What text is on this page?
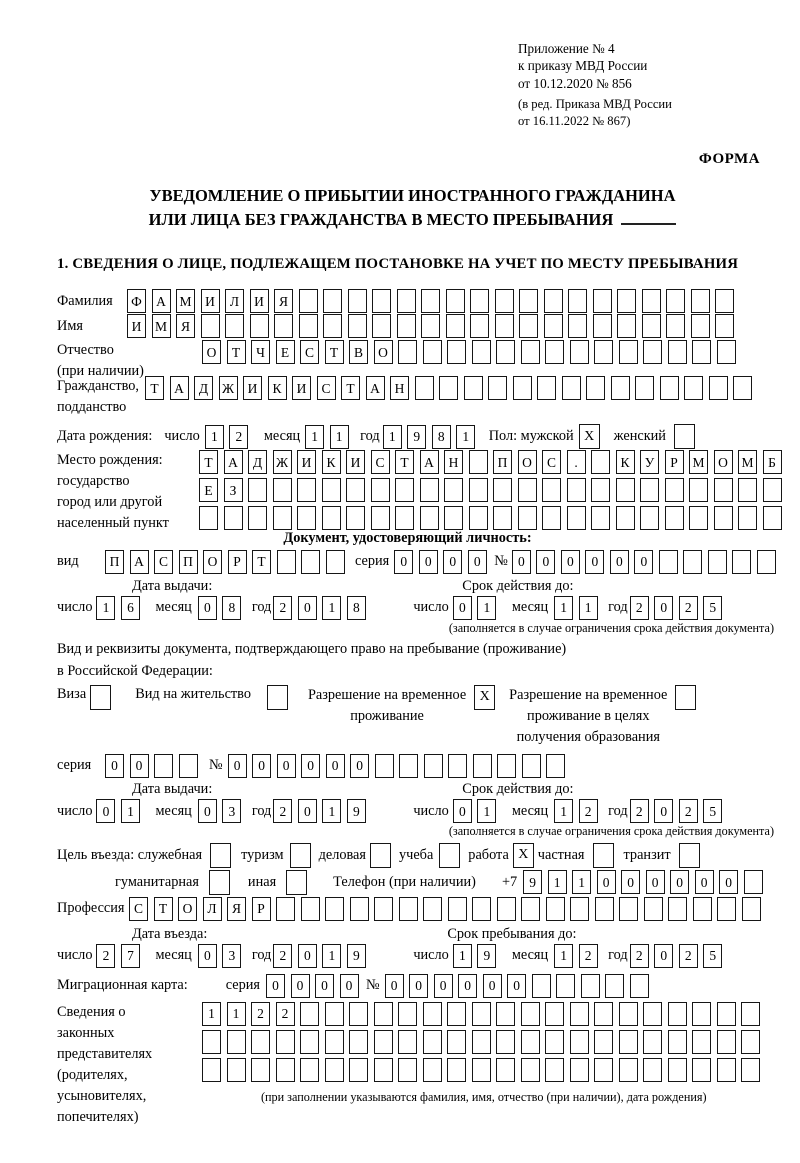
Приложение № 4
к приказу МВД России
от 10.12.2020 № 856
(в ред. Приказа МВД России
от 16.11.2022 № 867)
ФОРМА
УВЕДОМЛЕНИЕ О ПРИБЫТИИ ИНОСТРАННОГО ГРАЖДАНИНА
ИЛИ ЛИЦА БЕЗ ГРАЖДАНСТВА В МЕСТО ПРЕБЫВАНИЯ
1. СВЕДЕНИЯ О ЛИЦЕ, ПОДЛЕЖАЩЕМ ПОСТАНОВКЕ НА УЧЕТ ПО МЕСТУ ПРЕБЫВАНИЯ
Фамилия	Ф	А	М	И	Л	И	Я
Имя	И	М	Я
Отчество
(при наличии)
О	Т	Ч	Е	С	Т	В	О
Гражданство,
подданство
Т	А	Д	Ж	И	К	И	С	Т	А	Н
Дата рождения: число 1	2	месяц 1	1	год 1	9	8	1	Пол: мужской X	женский
Место рождения:
государство
город или другой
населенный пункт
Т	А	Д	Ж	И	К	И	С	Т	А	Н	П	О	С	.	К	У	Р	М	О	М	Б
Е	З
Документ, удостоверяющий личность:
вид	П	А	С	П	О	Р	Т	серия 0	0	0	0 № 0	0	0	0	0	0
Дата выдачи:	Срок действия до:
число 1	6	месяц 0	8	год 2	0	1	8	число 0	1	месяц 1	1	год 2	0	2	5
(заполняется в случае ограничения срока действия документа)
Вид и реквизиты документа, подтверждающего право на пребывание (проживание)
в Российской Федерации:
Виза	Вид на жительство	Разрешение на временное
проживание
X	Разрешение на временное
проживание в целях
получения образования
серия	0	0	№ 0	0	0	0	0	0
Дата выдачи:	Срок действия до:
число 0	1	месяц 0	3	год 2	0	1	9	число 0	1	месяц 1	2	год 2	0	2	5
(заполняется в случае ограничения срока действия документа)
Цель въезда: служебная	туризм деловая учеба работа X частная	транзит
гуманитарная	иная	Телефон (при наличии) +7 9	1	1	0	0	0	0	0	0
Профессия С	Т	О	Л	Я	Р
Дата въезда:	Срок пребывания до:
число 2	7	месяц 0	3	год 2	0	1	9	число 1	9	месяц 1	2	год 2	0	2	5
Миграционная карта:	серия 0	0	0	0 № 0	0	0	0	0	0
Сведения о
законных
представителях
(родителях,
усыновителях,
попечителях)
1	1	2	2
(при заполнении указываются фамилия, имя, отчество (при наличии), дата рождения)
